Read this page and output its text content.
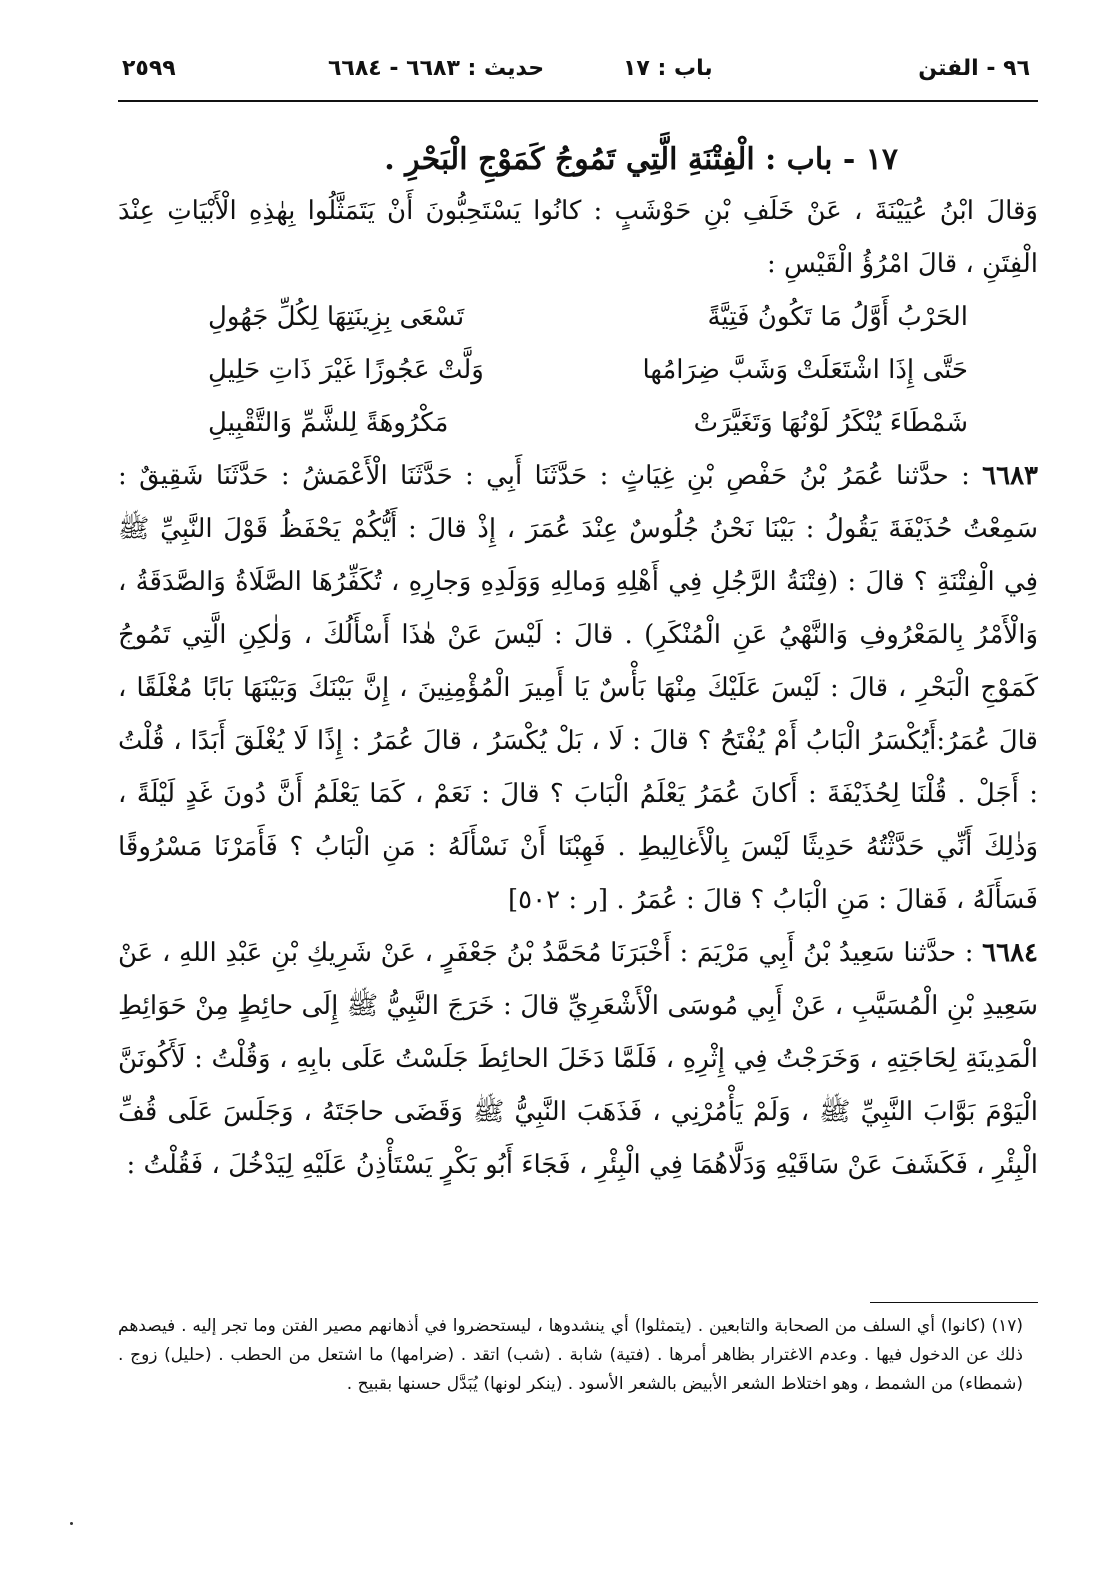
٢٥٩٩	حديث : ٦٦٨٣ - ٦٦٨٤	باب : ١٧	٩٦ - الفتن
١٧ - باب : الْفِتْنَةِ الَّتِي تَمُوجُ كَمَوْجِ الْبَحْرِ .

وَقالَ ابْنُ عُيَيْنَةَ ، عَنْ خَلَفِ بْنِ حَوْشَبٍ : كانُوا يَسْتَحِبُّونَ أَنْ يَتَمَثَّلُوا بِهٰذِهِ الْأَبْيَاتِ عِنْدَ الْفِتَنِ ، قالَ امْرُؤُ الْقَيْسِ :

الحَرْبُ أَوَّلُ مَا تَكُونُ فَتِيَّةً
تَسْعَى بِزِينَتِهَا لِكُلِّ جَهُولِ
حَتَّى إِذَا اشْتَعَلَتْ وَشَبَّ ضِرَامُها
وَلَّتْ عَجُوزًا غَيْرَ ذَاتِ حَلِيلِ
شَمْطَاءَ يُنْكَرُ لَوْنُهَا وَتَغَيَّرَتْ
مَكْرُوهَةً لِلشَّمِّ وَالتَّقْبِيلِ

٦٦٨٣ : حدَّثنا عُمَرُ بْنُ حَفْصِ بْنِ غِيَاثٍ : حَدَّثَنَا أَبِي : حَدَّثَنَا الْأَعْمَشُ : حَدَّثَنَا شَقِيقٌ : سَمِعْتُ حُذَيْفَةَ يَقُولُ : بَيْنَا نَحْنُ جُلُوسٌ عِنْدَ عُمَرَ ، إِذْ قالَ : أَيُّكُمْ يَحْفَظُ قَوْلَ النَّبِيِّ ﷺ فِي الْفِتْنَةِ ؟ قالَ : (فِتْنَةُ الرَّجُلِ فِي أَهْلِهِ وَمالِهِ وَوَلَدِهِ وَجارِهِ ، تُكَفِّرُهَا الصَّلَاةُ وَالصَّدَقَةُ ، وَالْأَمْرُ بِالمَعْرُوفِ وَالنَّهْيُ عَنِ الْمُنْكَرِ) . قالَ : لَيْسَ عَنْ هٰذَا أَسْأَلُكَ ، وَلٰكِنِ الَّتِي تَمُوجُ كَمَوْجِ الْبَحْرِ ، قالَ : لَيْسَ عَلَيْكَ مِنْهَا بَأْسٌ يَا أَمِيرَ الْمُؤْمِنِينَ ، إِنَّ بَيْنَكَ وَبَيْنَهَا بَابًا مُغْلَقًا ، قالَ عُمَرُ:أَيُكْسَرُ الْبَابُ أَمْ يُفْتَحُ ؟ قالَ : لَا ، بَلْ يُكْسَرُ ، قالَ عُمَرُ : إِذًا لَا يُغْلَقَ أَبَدًا ، قُلْتُ : أَجَلْ . قُلْنَا لِحُذَيْفَةَ : أَكانَ عُمَرُ يَعْلَمُ الْبَابَ ؟ قالَ : نَعَمْ ، كَمَا يَعْلَمُ أَنَّ دُونَ غَدٍ لَيْلَةً ، وَذٰلِكَ أَنِّي حَدَّثْتُهُ حَدِيثًا لَيْسَ بِالْأَغالِيطِ . فَهِبْنَا أَنْ نَسْأَلَهُ : مَنِ الْبَابُ ؟ فَأَمَرْنَا مَسْرُوقًا فَسَأَلَهُ ، فَقالَ : مَنِ الْبَابُ ؟ قالَ : عُمَرُ . [ر : ٥٠٢]

٦٦٨٤ : حدَّثنا سَعِيدُ بْنُ أَبِي مَرْيَمَ : أَخْبَرَنَا مُحَمَّدُ بْنُ جَعْفَرٍ ، عَنْ شَرِيكِ بْنِ عَبْدِ اللهِ ، عَنْ سَعِيدِ بْنِ الْمُسَيَّبِ ، عَنْ أَبِي مُوسَى الْأَشْعَرِيِّ قالَ : خَرَجَ النَّبِيُّ ﷺ إِلَى حائِطٍ مِنْ حَوَائِطِ الْمَدِينَةِ لِحَاجَتِهِ ، وَخَرَجْتُ فِي إِثْرِهِ ، فَلَمَّا دَخَلَ الحائِطَ جَلَسْتُ عَلَى بابِهِ ، وَقُلْتُ : لَأَكُونَنَّ الْيَوْمَ بَوَّابَ النَّبِيِّ ﷺ ، وَلَمْ يَأْمُرْنِي ، فَذَهَبَ النَّبِيُّ ﷺ وَقَضَى حاجَتَهُ ، وَجَلَسَ عَلَى قُفِّ الْبِئْرِ ، فَكَشَفَ عَنْ سَاقَيْهِ وَدَلَّاهُمَا فِي الْبِئْرِ ، فَجَاءَ أَبُو بَكْرٍ يَسْتَأْذِنُ عَلَيْهِ لِيَدْخُلَ ، فَقُلْتُ :

(١٧) (كانوا) أي السلف من الصحابة والتابعين . (يتمثلوا) أي ينشدوها ، ليستحضروا في أذهانهم مصير الفتن وما تجر إليه . فيصدهم ذلك عن الدخول فيها . وعدم الاغترار بظاهر أمرها . (فتية) شابة . (شب) اتقد . (ضرامها) ما اشتعل من الحطب . (حليل) زوج . (شمطاء) من الشمط ، وهو اختلاط الشعر الأبيض بالشعر الأسود . (ينكر لونها) يُبَدَّل حسنها بقبيح .
